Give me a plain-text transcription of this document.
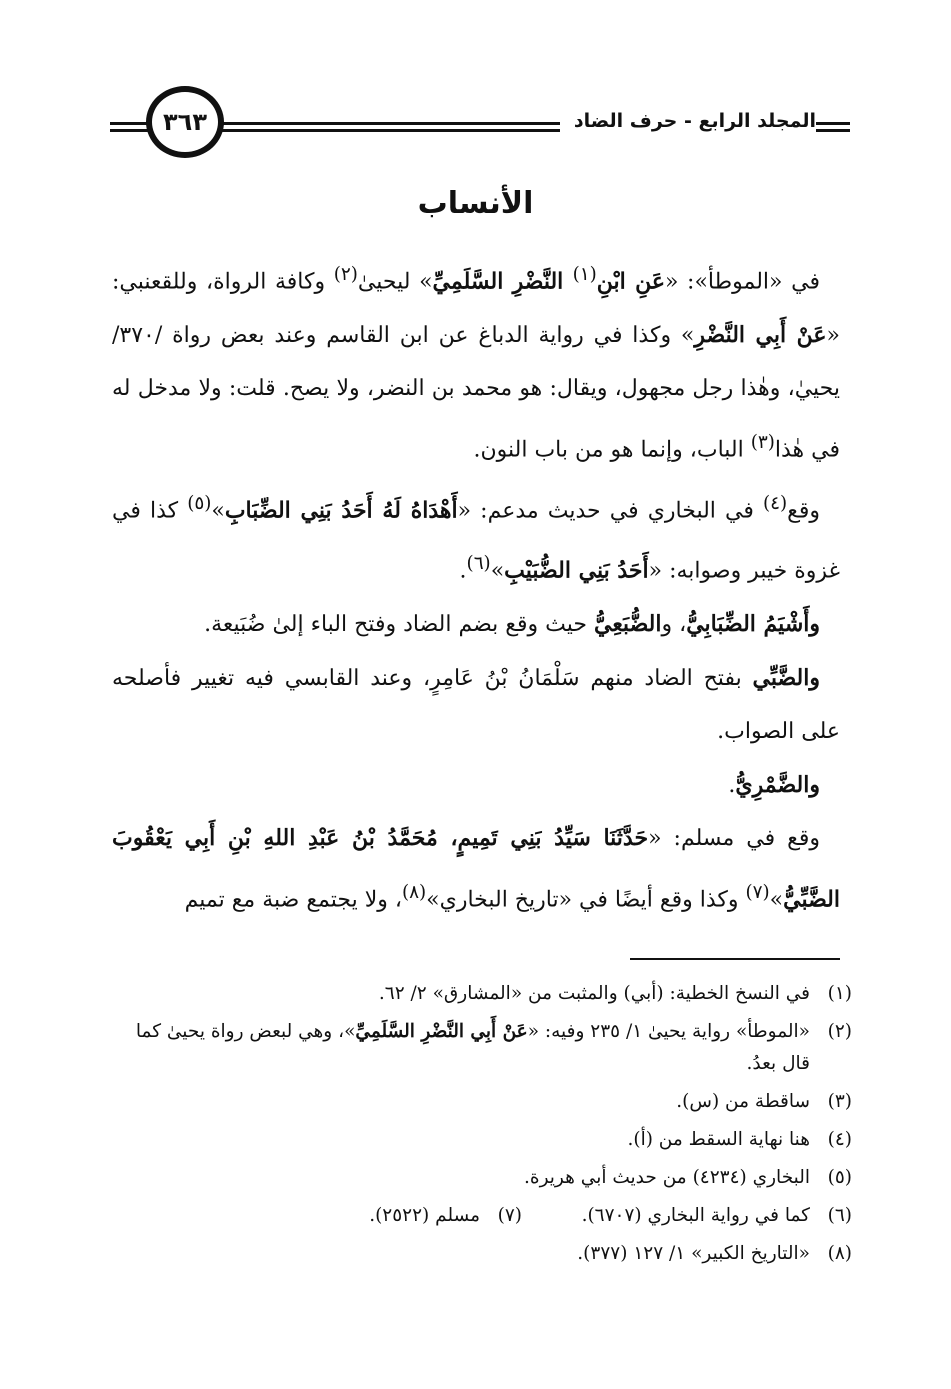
المجلد الرابع - حرف الضاد
٣٦٣
الأنساب

في «الموطأ»: «عَنِ ابْنِ$^{(١)}$ النَّضْرِ السَّلَمِيِّ» ليحيىٰ$^{(٢)}$ وكافة الرواة، وللقعنبي: «عَنْ أَبِي النَّضْرِ» وكذا في رواية الدباغ عن ابن القاسم وعند بعض رواة /٣٧٠/ يحييٰ، وهٰذا رجل مجهول، ويقال: هو محمد بن النضر، ولا يصح. قلت: ولا مدخل له في هٰذا$^{(٣)}$ الباب، وإنما هو من باب النون.

وقع$^{(٤)}$ في البخاري في حديث مدعم: «أَهْدَاهُ لَهُ أَحَدُ بَنِي الضِّبَابِ»$^{(٥)}$ كذا في غزوة خيبر وصوابه: «أَحَدُ بَنِي الضُّبَيْبِ»$^{(٦)}$.

وأَشْيَمُ الضِّبَابِيُّ، والضُّبَعِيُّ حيث وقع بضم الضاد وفتح الباء إلىٰ ضُبَيعة.

والضَّبِّي بفتح الضاد منهم سَلْمَانُ بْنُ عَامِرٍ، وعند القابسي فيه تغيير فأصلحه على الصواب.

والضَّمْرِيُّ.

وقع في مسلم: «حَدَّثَنَا سَيِّدُ بَنِي تَمِيمٍ، مُحَمَّدُ بْنُ عَبْدِ اللهِ بْنِ أَبِي يَعْقُوبَ الضَّبِّيُّ»$^{(٧)}$ وكذا وقع أيضًا في «تاريخ البخاري»$^{(٨)}$، ولا يجتمع ضبة مع تميم

(١)
في النسخ الخطية: (أبي) والمثبت من «المشارق» ٢/ ٦٢.
(٢)
«الموطأ» رواية يحيىٰ ١/ ٢٣٥ وفيه: «عَنْ أَبِي النَّضْرِ السَّلَمِيِّ»، وهي لبعض رواة يحيىٰ كما قال بعدُ.
(٣)
ساقطة من (س).
(٤)
هنا نهاية السقط من (أ).
(٥)
البخاري (٤٢٣٤) من حديث أبي هريرة.
(٦)
كما في رواية البخاري (٦٧٠٧).
(٧)
مسلم (٢٥٢٢).
(٨)
«التاريخ الكبير» ١/ ١٢٧ (٣٧٧).
